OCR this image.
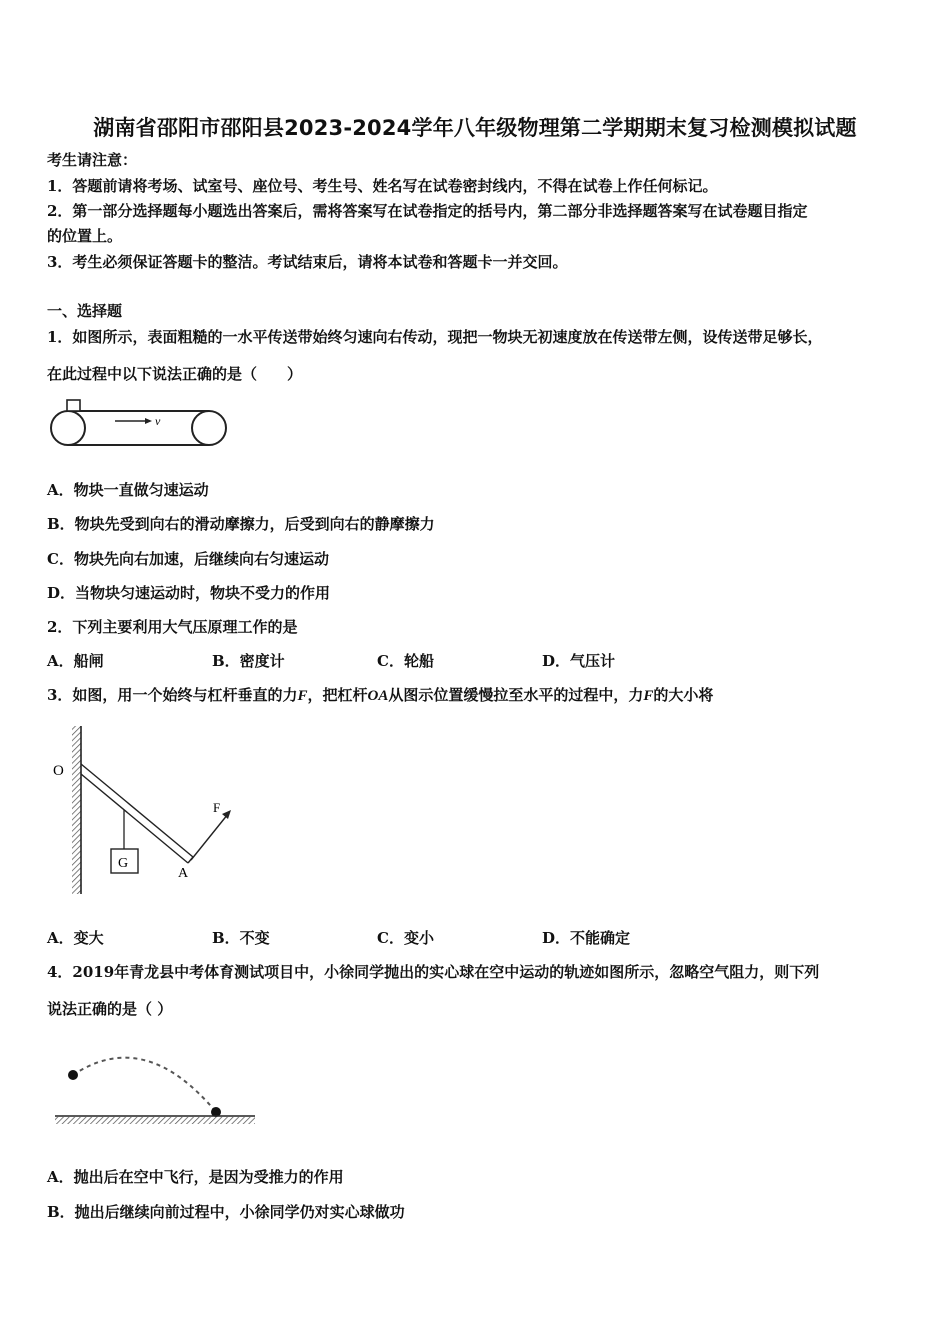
湖南省邵阳市邵阳县2023-2024学年八年级物理第二学期期末复习检测模拟试题
考生请注意：
1．答题前请将考场、试室号、座位号、考生号、姓名写在试卷密封线内，不得在试卷上作任何标记。
2．第一部分选择题每小题选出答案后，需将答案写在试卷指定的括号内，第二部分非选择题答案写在试卷题目指定
的位置上。
3．考生必须保证答题卡的整洁。考试结束后，请将本试卷和答题卡一并交回。
一、选择题
1．如图所示，表面粗糙的一水平传送带始终匀速向右传动，现把一物块无初速度放在传送带左侧，设传送带足够长，
在此过程中以下说法正确的是（　　）
v
A．物块一直做匀速运动
B．物块先受到向右的滑动摩擦力，后受到向右的静摩擦力
C．物块先向右加速，后继续向右匀速运动
D．当物块匀速运动时，物块不受力的作用
2．下列主要利用大气压原理工作的是
A．船闸	B．密度计	C．轮船	D．气压计
3．如图，用一个始终与杠杆垂直的力F，把杠杆OA从图示位置缓慢拉至水平的过程中，力F的大小将
O
G
F
A
A．变大	B．不变	C．变小	D．不能确定
4．2019年青龙县中考体育测试项目中，小徐同学抛出的实心球在空中运动的轨迹如图所示，忽略空气阻力，则下列
说法正确的是（ ）
A．抛出后在空中飞行，是因为受推力的作用
B．抛出后继续向前过程中，小徐同学仍对实心球做功
